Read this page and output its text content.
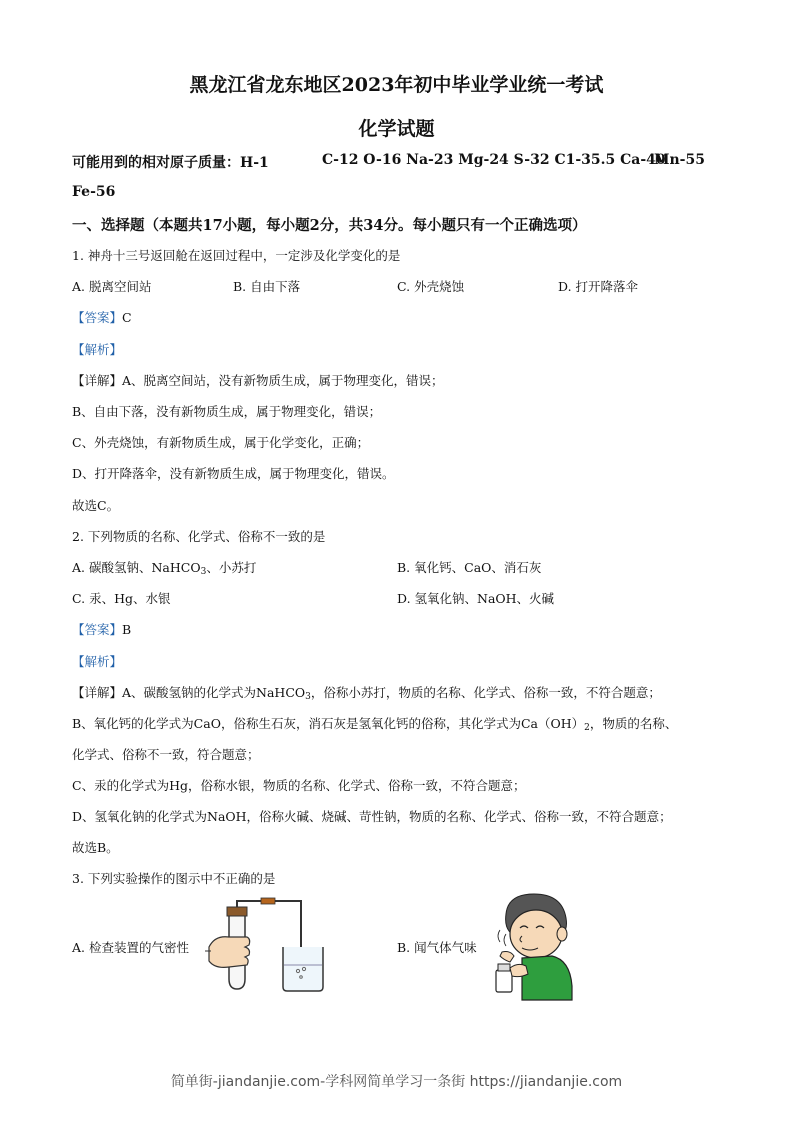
黑龙江省龙东地区2023年初中毕业学业统一考试
化学试题
可能用到的相对原子质量：H-1	C-12 O-16 Na-23 Mg-24 S-32 C1-35.5 Ca-40
Mn-55
Fe-56
一、选择题（本题共17小题，每小题2分，共34分。每小题只有一个正确选项）
1. 神舟十三号返回舱在返回过程中，一定涉及化学变化的是
A. 脱离空间站	B. 自由下落	C. 外壳烧蚀	D. 打开降落伞
【答案】C
【解析】
【详解】A、脱离空间站，没有新物质生成，属于物理变化，错误；
B、自由下落，没有新物质生成，属于物理变化，错误；
C、外壳烧蚀，有新物质生成，属于化学变化，正确；
D、打开降落伞，没有新物质生成，属于物理变化，错误。
故选C。
2. 下列物质的名称、化学式、俗称不一致的是
A. 碳酸氢钠、NaHCO$_3$、小苏打	B. 氧化钙、CaO、消石灰
C. 汞、Hg、水银	D. 氢氧化钠、NaOH、火碱
【答案】B
【解析】
【详解】A、碳酸氢钠的化学式为NaHCO$_3$，俗称小苏打，物质的名称、化学式、俗称一致，不符合题意；
B、氧化钙的化学式为CaO，俗称生石灰，消石灰是氢氧化钙的俗称，其化学式为$Ca(OH)_2$，物质的名称、
化学式、俗称不一致，符合题意；
C、汞的化学式为Hg，俗称水银，物质的名称、化学式、俗称一致，不符合题意；
D、氢氧化钠的化学式为NaOH，俗称火碱、烧碱、苛性钠，物质的名称、化学式、俗称一致，不符合题意；
故选B。
3. 下列实验操作的图示中不正确的是
A. 检查装置的气密性	B. 闻气体气味
简单街-jiandanjie.com-学科网简单学习一条街 https://jiandanjie.com
